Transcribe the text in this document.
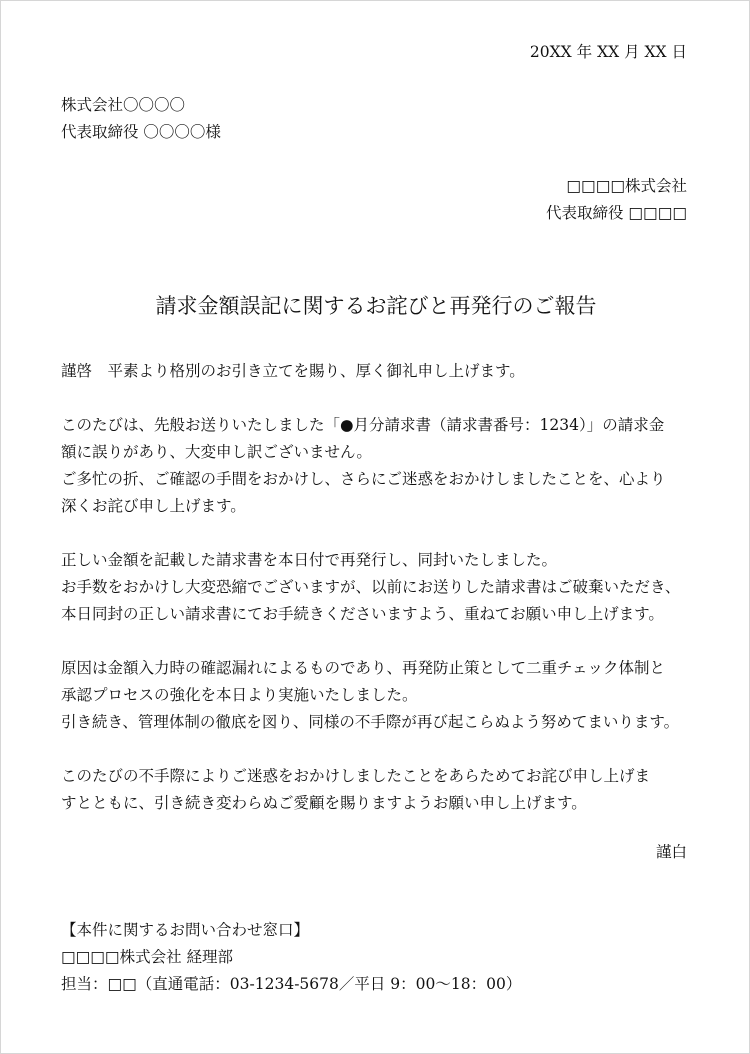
20XX 年 XX 月 XX 日
株式会社〇〇〇〇
代表取締役 〇〇〇〇様
□□□□株式会社
代表取締役 □□□□
請求金額誤記に関するお詫びと再発行のご報告
謹啓　平素より格別のお引き立てを賜り、厚く御礼申し上げます。
このたびは、先般お送りいたしました「●月分請求書（請求書番号：1234）」の請求金
額に誤りがあり、大変申し訳ございません。
ご多忙の折、ご確認の手間をおかけし、さらにご迷惑をおかけしましたことを、心より
深くお詫び申し上げます。
正しい金額を記載した請求書を本日付で再発行し、同封いたしました。
お手数をおかけし大変恐縮でございますが、以前にお送りした請求書はご破棄いただき、
本日同封の正しい請求書にてお手続きくださいますよう、重ねてお願い申し上げます。
原因は金額入力時の確認漏れによるものであり、再発防止策として二重チェック体制と
承認プロセスの強化を本日より実施いたしました。
引き続き、管理体制の徹底を図り、同様の不手際が再び起こらぬよう努めてまいります。
このたびの不手際によりご迷惑をおかけしましたことをあらためてお詫び申し上げま
すとともに、引き続き変わらぬご愛顧を賜りますようお願い申し上げます。
謹白
【本件に関するお問い合わせ窓口】
□□□□株式会社 経理部
担当：□□（直通電話：03-1234-5678／平日 9：00～18：00）
